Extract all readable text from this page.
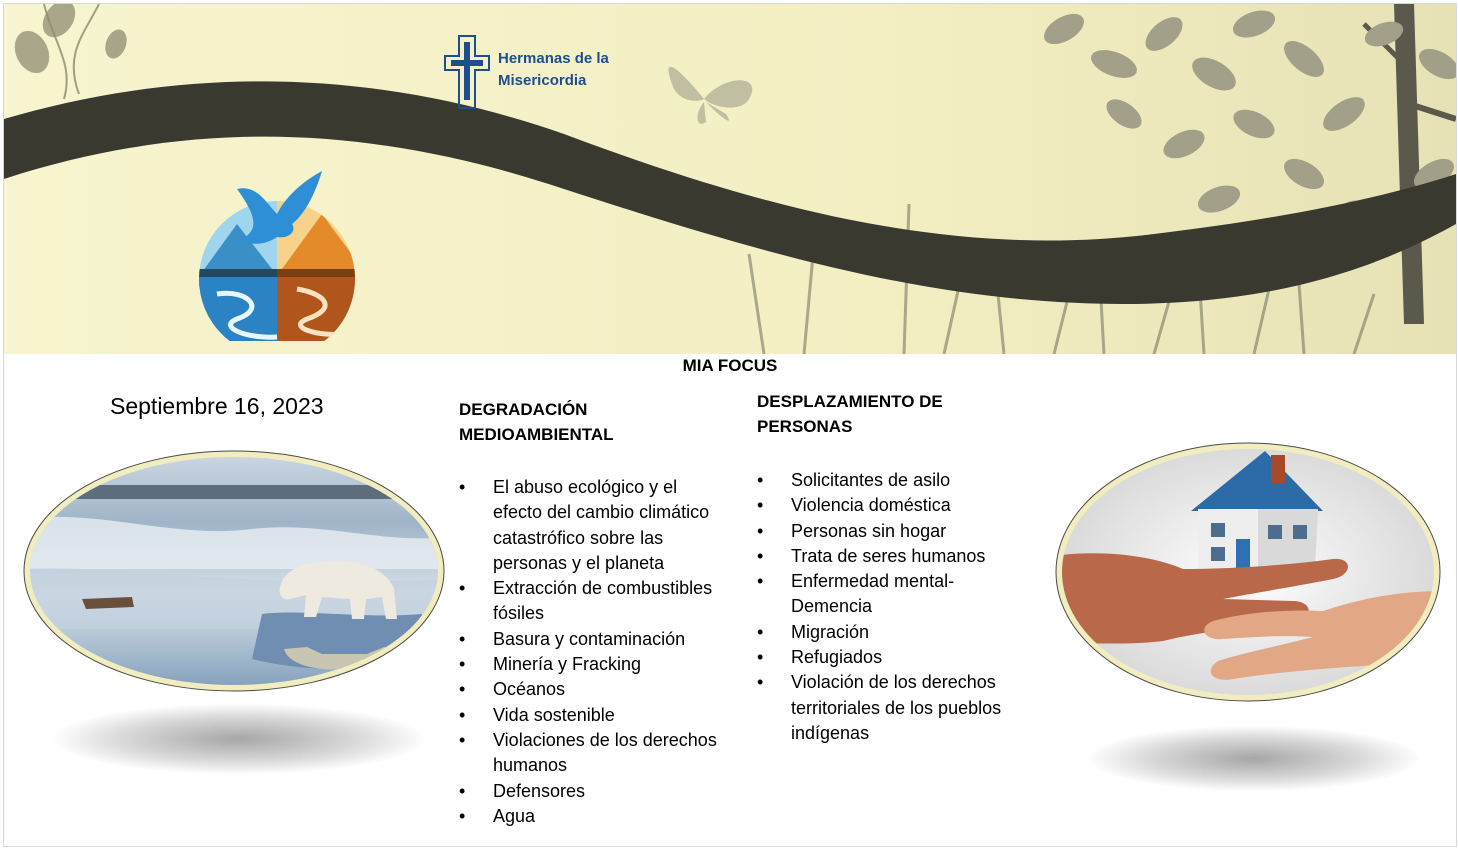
Hermanas de la
Misericordia
MIA FOCUS
Septiembre 16, 2023	DEGRADACIÓN
MEDIOAMBIENTAL
•	El abuso ecológico y el
efecto del cambio climático
catastrófico sobre las
personas y el planeta
•	Extracción de combustibles
fósiles
•	Basura y contaminación
•	Minería y Fracking
•	Océanos
•	Vida sostenible
•	Violaciones de los derechos
humanos
•	Defensores
•	Agua
DESPLAZAMIENTO DE
PERSONAS
•	Solicitantes de asilo
•	Violencia doméstica
•	Personas sin hogar
•	Trata de seres humanos
•	Enfermedad mental-
Demencia
•	Migración
•	Refugiados
•	Violación de los derechos
territoriales de los pueblos
indígenas
